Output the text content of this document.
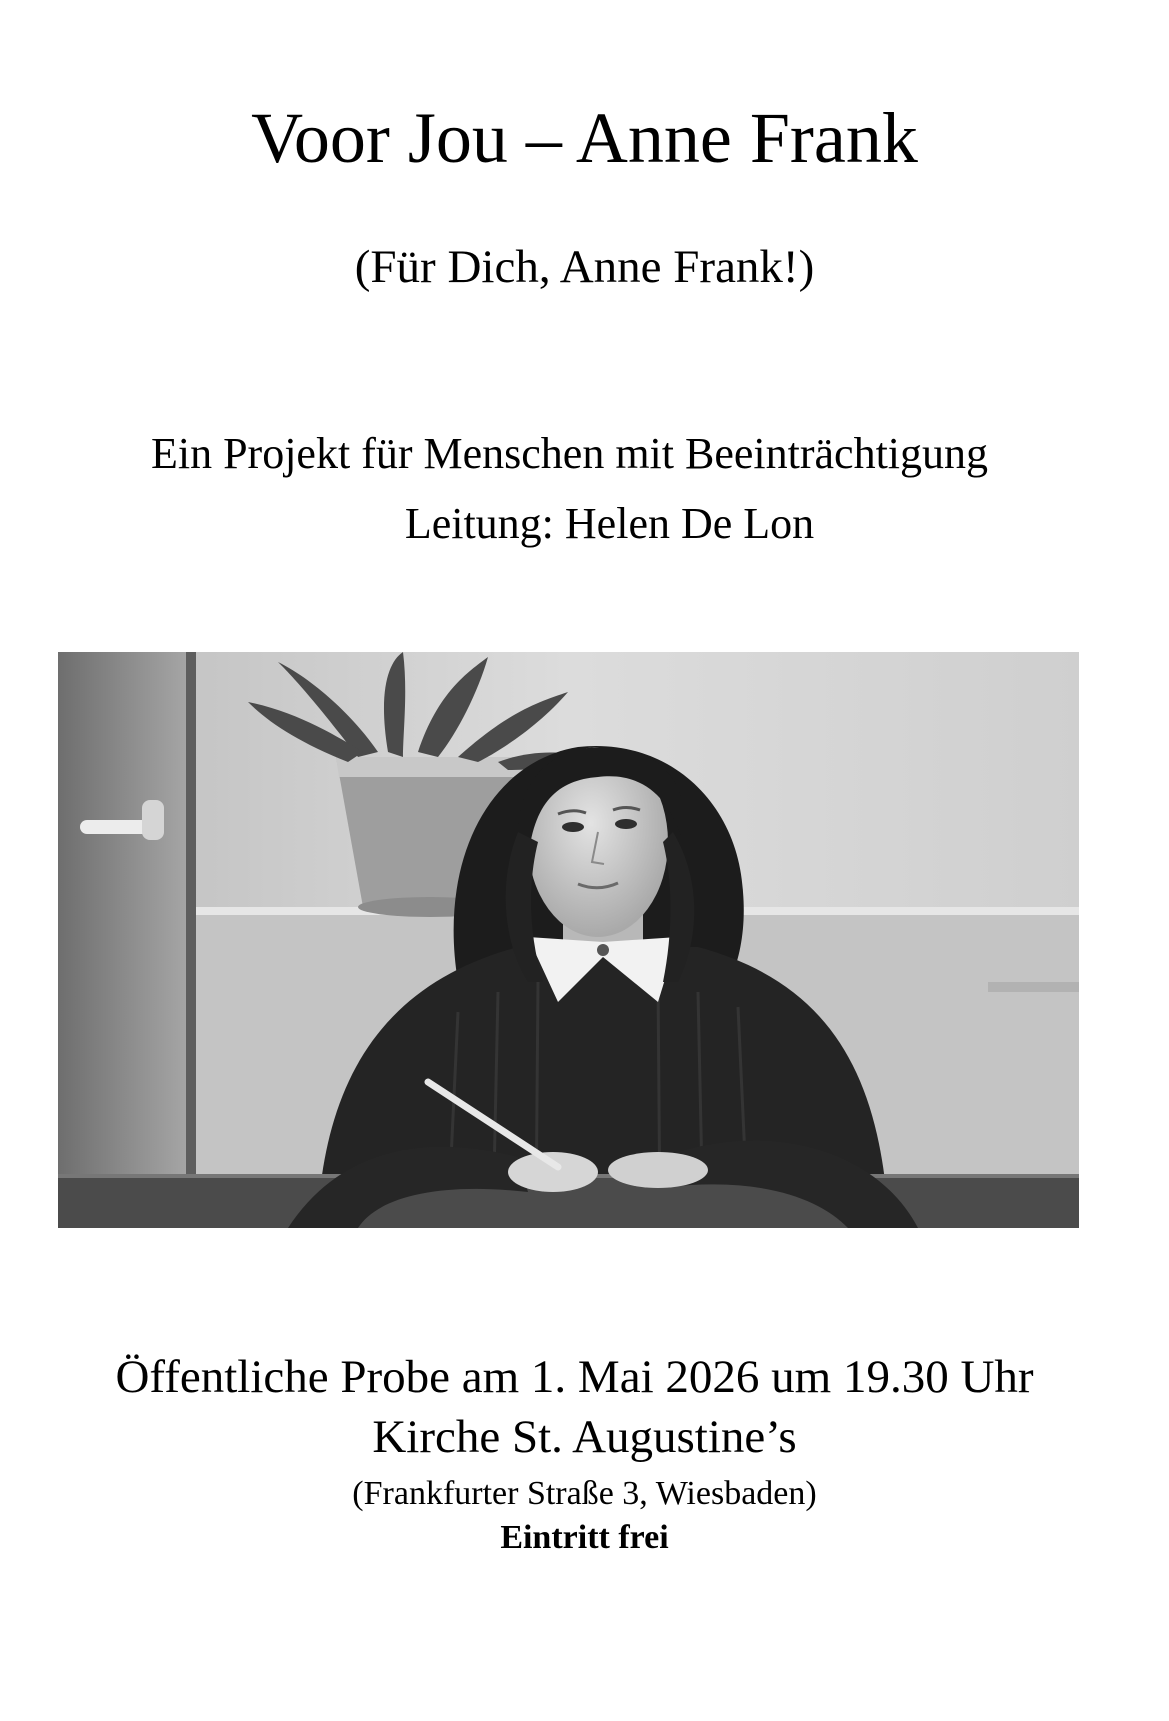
Voor Jou – Anne Frank
(Für Dich, Anne Frank!)
Ein Projekt für Menschen mit Beeinträchtigung
Leitung: Helen De Lon
Öffentliche Probe am 1. Mai 2026 um 19.30 Uhr
Kirche St. Augustine’s
(Frankfurter Straße 3, Wiesbaden)
Eintritt frei
